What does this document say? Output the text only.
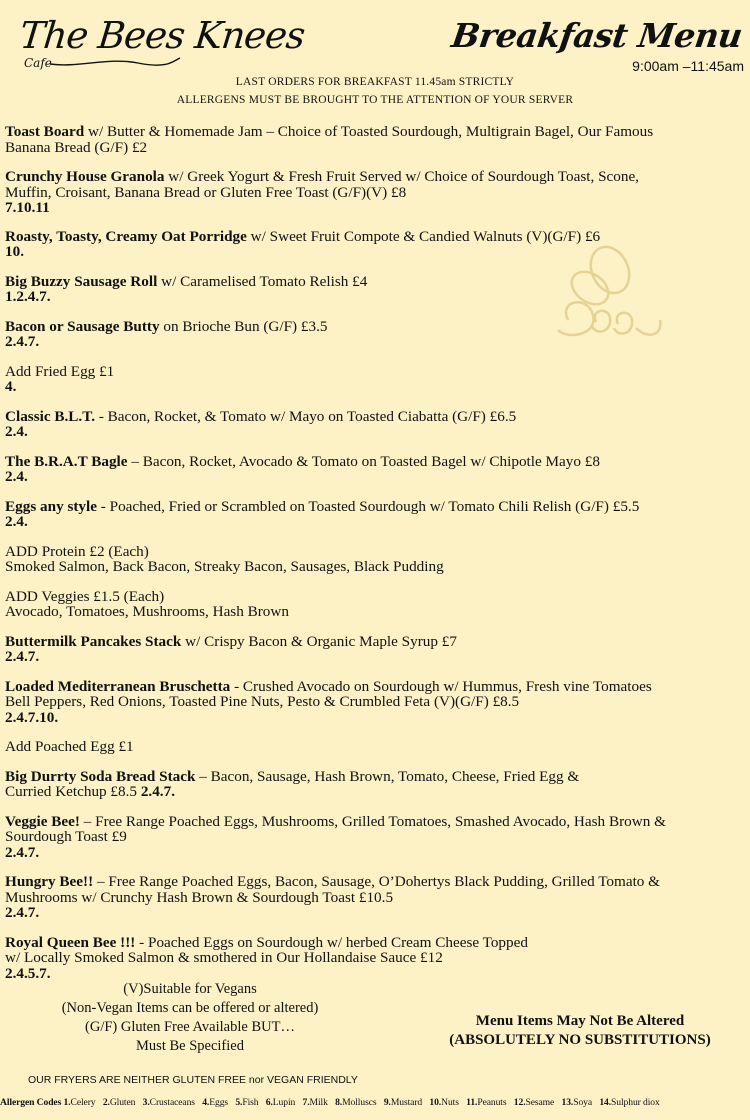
The Bees Knees
Cafe
Breakfast Menu
9:00am –11:45am
LAST ORDERS FOR BREAKFAST 11.45am STRICTLY
ALLERGENS MUST BE BROUGHT TO THE ATTENTION OF YOUR SERVER
Toast Board w/ Butter & Homemade Jam – Choice of Toasted Sourdough, Multigrain Bagel, Our Famous
Banana Bread (G/F) £2
Crunchy House Granola w/ Greek Yogurt & Fresh Fruit Served w/ Choice of Sourdough Toast, Scone,
Muffin, Croisant, Banana Bread or Gluten Free Toast (G/F)(V) £8
7.10.11
Roasty, Toasty, Creamy Oat Porridge w/ Sweet Fruit Compote & Candied Walnuts (V)(G/F) £6
10.
Big Buzzy Sausage Roll w/ Caramelised Tomato Relish £4
1.2.4.7.
Bacon or Sausage Butty on Brioche Bun (G/F) £3.5
2.4.7.
Add Fried Egg £1
4.
Classic B.L.T. - Bacon, Rocket, & Tomato w/ Mayo on Toasted Ciabatta (G/F) £6.5
2.4.
The B.R.A.T Bagle – Bacon, Rocket, Avocado & Tomato on Toasted Bagel w/ Chipotle Mayo £8
2.4.
Eggs any style - Poached, Fried or Scrambled on Toasted Sourdough w/ Tomato Chili Relish (G/F) £5.5
2.4.
ADD Protein £2 (Each)
Smoked Salmon, Back Bacon, Streaky Bacon, Sausages, Black Pudding
ADD Veggies £1.5 (Each)
Avocado, Tomatoes, Mushrooms, Hash Brown
Buttermilk Pancakes Stack w/ Crispy Bacon & Organic Maple Syrup £7
2.4.7.
Loaded Mediterranean Bruschetta - Crushed Avocado on Sourdough w/ Hummus, Fresh vine Tomatoes
Bell Peppers, Red Onions, Toasted Pine Nuts, Pesto & Crumbled Feta (V)(G/F) £8.5
2.4.7.10.
Add Poached Egg £1
Big Durrty Soda Bread Stack – Bacon, Sausage, Hash Brown, Tomato, Cheese, Fried Egg &
Curried Ketchup £8.5 2.4.7.
Veggie Bee! – Free Range Poached Eggs, Mushrooms, Grilled Tomatoes, Smashed Avocado, Hash Brown &
Sourdough Toast £9
2.4.7.
Hungry Bee!! – Free Range Poached Eggs, Bacon, Sausage, O’Dohertys Black Pudding, Grilled Tomato &
Mushrooms w/ Crunchy Hash Brown & Sourdough Toast £10.5
2.4.7.
Royal Queen Bee !!! - Poached Eggs on Sourdough w/ herbed Cream Cheese Topped
w/ Locally Smoked Salmon & smothered in Our Hollandaise Sauce £12
2.4.5.7.
(V)Suitable for Vegans
(Non-Vegan Items can be offered or altered)
(G/F) Gluten Free Available BUT…
Must Be Specified
Menu Items May Not Be Altered
(ABSOLUTELY NO SUBSTITUTIONS)
OUR FRYERS ARE NEITHER GLUTEN FREE nor VEGAN FRIENDLY
Allergen Codes 1.Celery 2.Gluten 3.Crustaceans 4.Eggs 5.Fish 6.Lupin 7.Milk 8.Molluscs 9.Mustard 10.Nuts 11.Peanuts 12.Sesame 13.Soya 14.Sulphur diox
